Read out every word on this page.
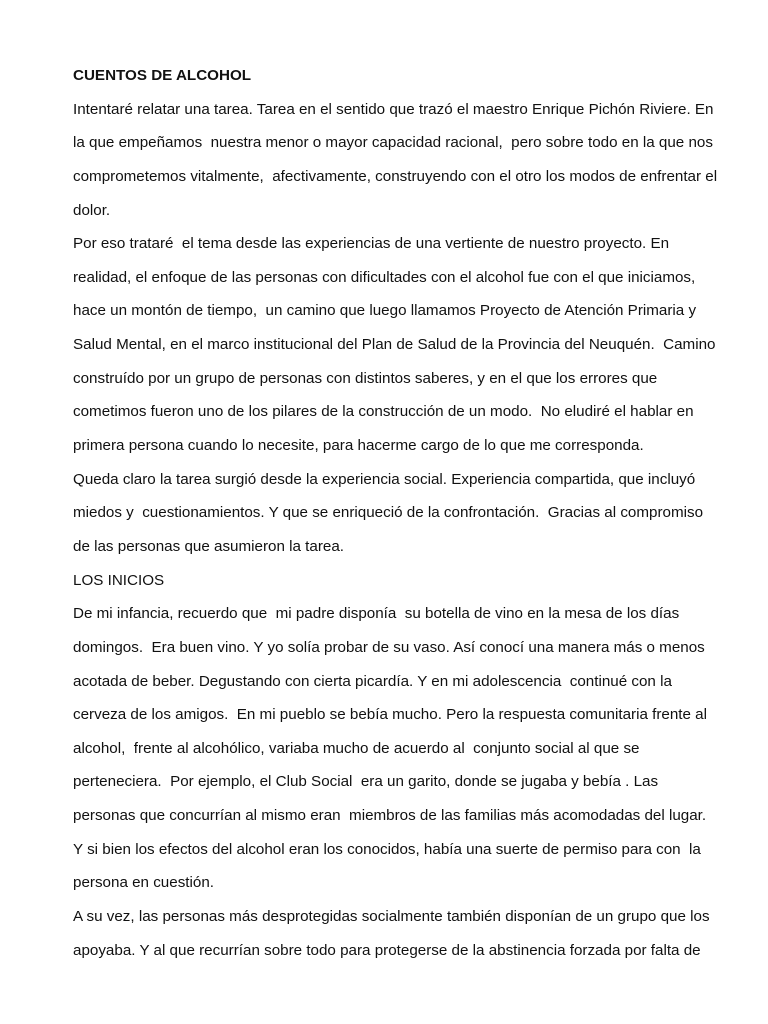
CUENTOS DE ALCOHOL
Intentaré relatar una tarea. Tarea en el sentido que trazó el maestro Enrique Pichón Riviere. En
la que empeñamos  nuestra menor o mayor capacidad racional,  pero sobre todo en la que nos
comprometemos vitalmente,  afectivamente, construyendo con el otro los modos de enfrentar el
dolor.
Por eso trataré  el tema desde las experiencias de una vertiente de nuestro proyecto. En
realidad, el enfoque de las personas con dificultades con el alcohol fue con el que iniciamos,
hace un montón de tiempo,  un camino que luego llamamos Proyecto de Atención Primaria y
Salud Mental, en el marco institucional del Plan de Salud de la Provincia del Neuquén.  Camino
construído por un grupo de personas con distintos saberes, y en el que los errores que
cometimos fueron uno de los pilares de la construcción de un modo.  No eludiré el hablar en
primera persona cuando lo necesite, para hacerme cargo de lo que me corresponda.
Queda claro la tarea surgió desde la experiencia social. Experiencia compartida, que incluyó
miedos y  cuestionamientos. Y que se enriqueció de la confrontación.  Gracias al compromiso
de las personas que asumieron la tarea.
LOS INICIOS
De mi infancia, recuerdo que  mi padre disponía  su botella de vino en la mesa de los días
domingos.  Era buen vino. Y yo solía probar de su vaso. Así conocí una manera más o menos
acotada de beber. Degustando con cierta picardía. Y en mi adolescencia  continué con la
cerveza de los amigos.  En mi pueblo se bebía mucho. Pero la respuesta comunitaria frente al
alcohol,  frente al alcohólico, variaba mucho de acuerdo al  conjunto social al que se
perteneciera.  Por ejemplo, el Club Social  era un garito, donde se jugaba y bebía . Las
personas que concurrían al mismo eran  miembros de las familias más acomodadas del lugar.
Y si bien los efectos del alcohol eran los conocidos, había una suerte de permiso para con  la
persona en cuestión.
A su vez, las personas más desprotegidas socialmente también disponían de un grupo que los
apoyaba. Y al que recurrían sobre todo para protegerse de la abstinencia forzada por falta de
